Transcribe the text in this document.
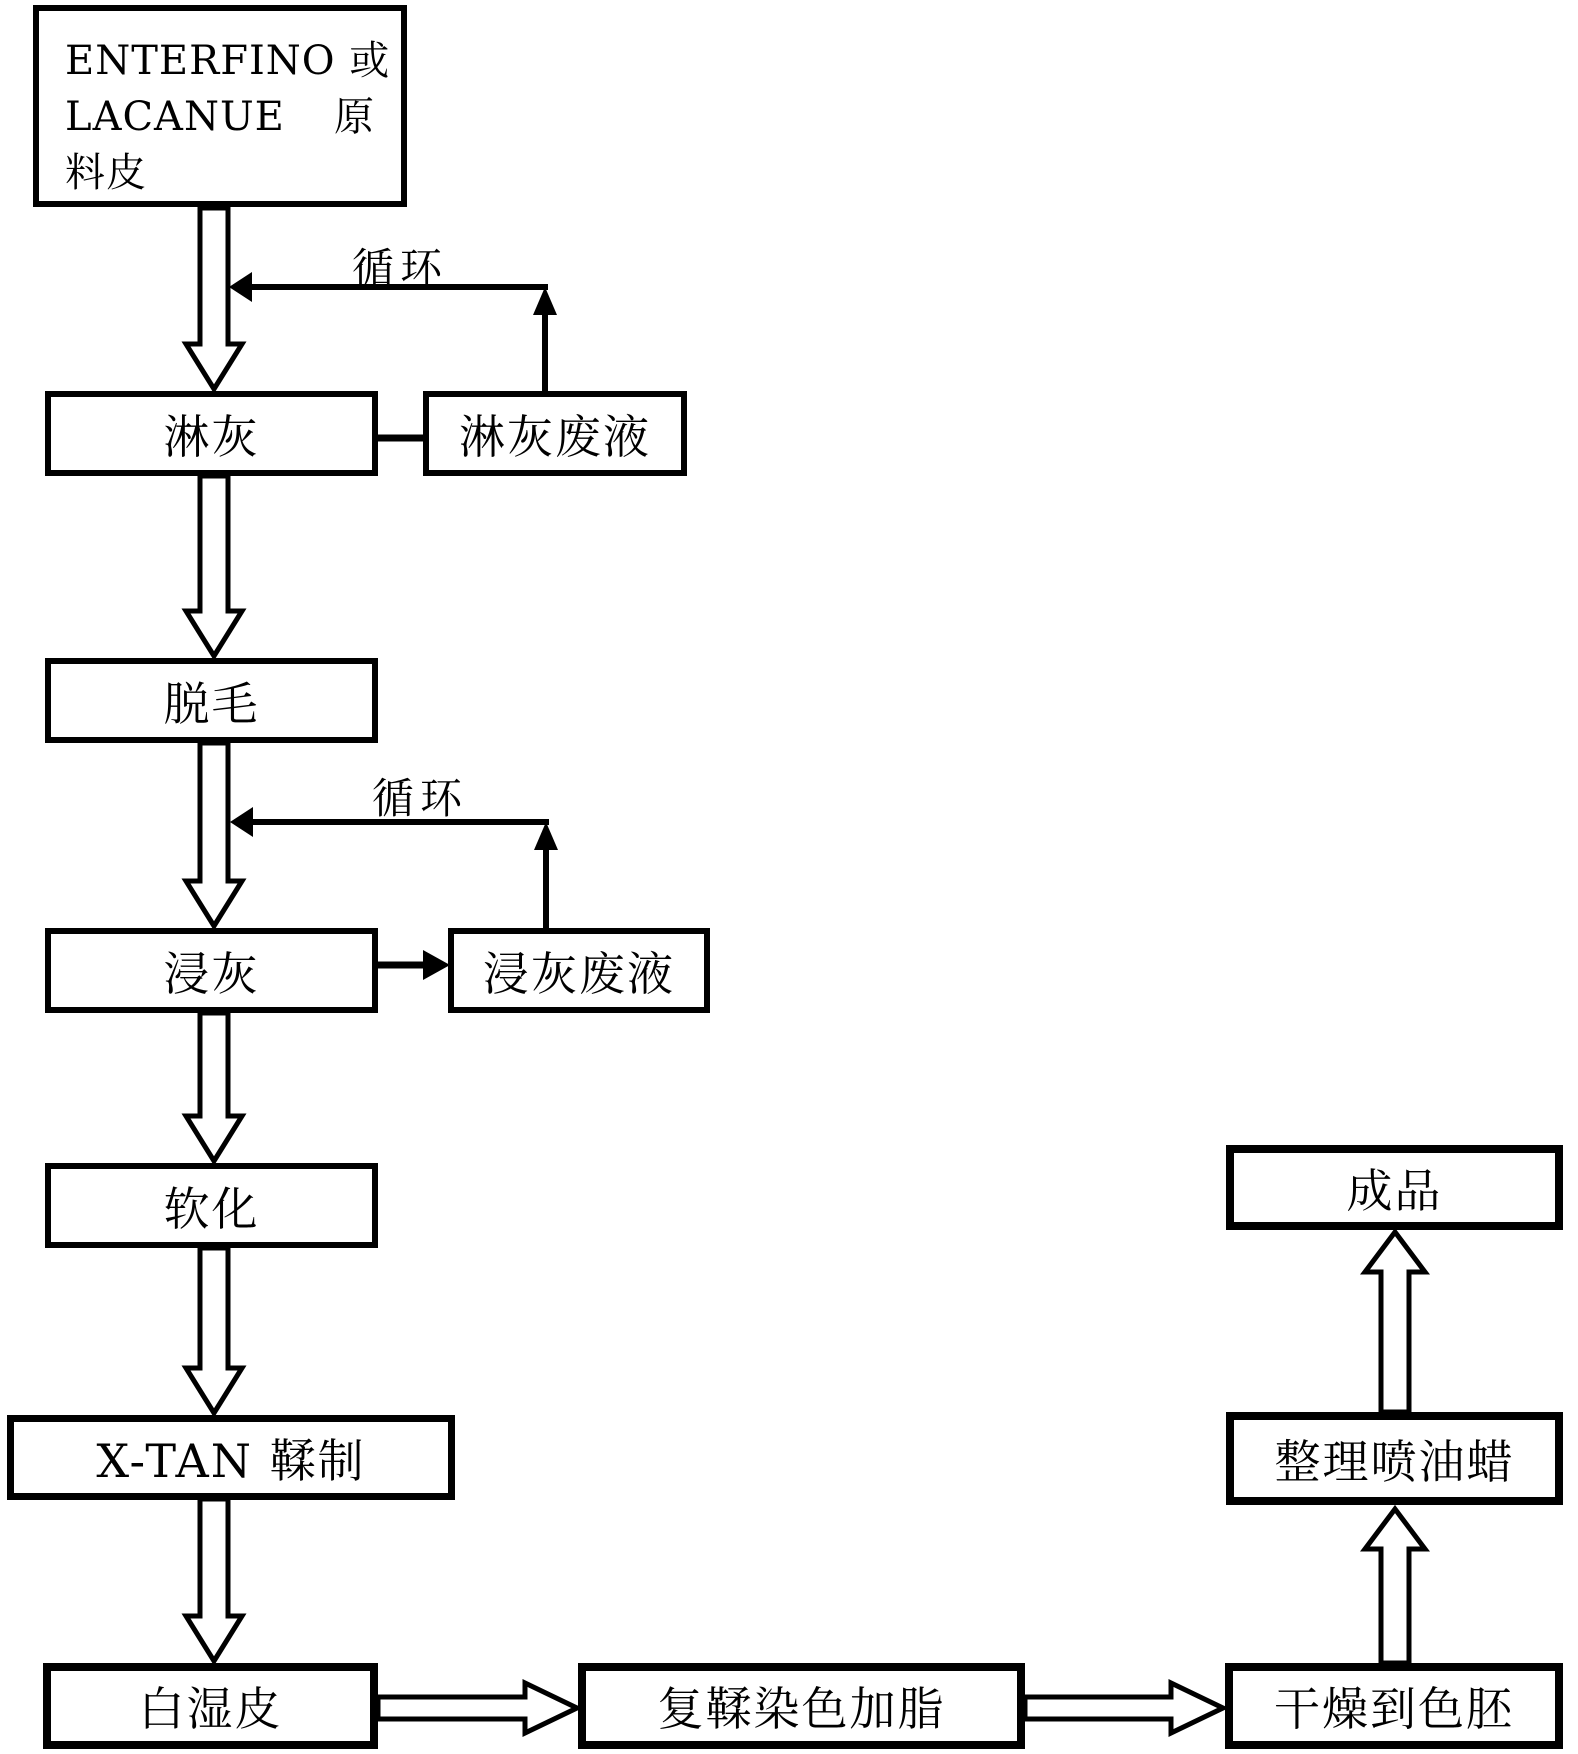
ENTERFINO 或
LACANUE 原
料皮
淋灰	淋灰废液
脱毛
浸灰	浸灰废液
软化
X-TAN 鞣制
白湿皮	复鞣染色加脂	干燥到色胚
整理喷油蜡
成品
循环
循环
